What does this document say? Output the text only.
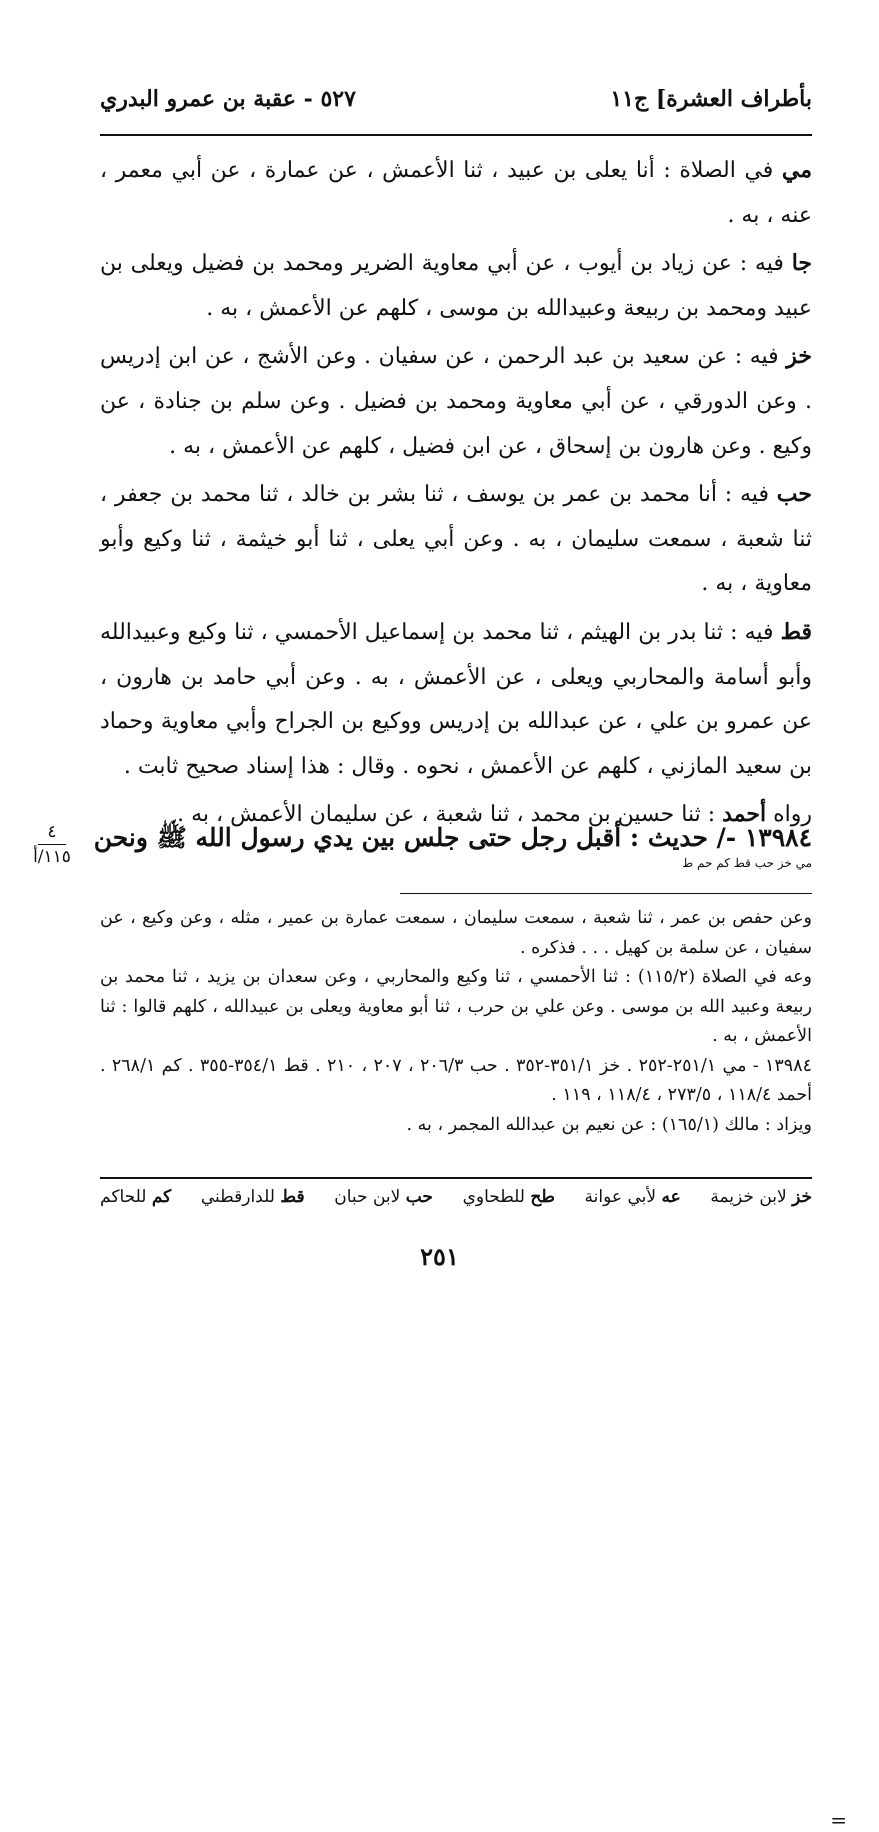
بأطراف العشرة] ج١١
٥٢٧ - عقبة بن عمرو البدري

مي في الصلاة : أنا يعلى بن عبيد ، ثنا الأعمش ، عن عمارة ، عن أبي معمر ، عنه ، به .

جا فيه : عن زياد بن أيوب ، عن أبي معاوية الضرير ومحمد بن فضيل ويعلى بن عبيد ومحمد بن ربيعة وعبيدالله بن موسى ، كلهم عن الأعمش ، به .

خز فيه : عن سعيد بن عبد الرحمن ، عن سفيان . وعن الأشج ، عن ابن إدريس . وعن الدورقي ، عن أبي معاوية ومحمد بن فضيل . وعن سلم بن جنادة ، عن وكيع . وعن هارون بن إسحاق ، عن ابن فضيل ، كلهم عن الأعمش ، به .

حب فيه : أنا محمد بن عمر بن يوسف ، ثنا بشر بن خالد ، ثنا محمد بن جعفر ، ثنا شعبة ، سمعت سليمان ، به . وعن أبي يعلى ، ثنا أبو خيثمة ، ثنا وكيع وأبو معاوية ، به .

قط فيه : ثنا بدر بن الهيثم ، ثنا محمد بن إسماعيل الأحمسي ، ثنا وكيع وعبيدالله وأبو أسامة والمحاربي ويعلى ، عن الأعمش ، به . وعن أبي حامد بن هارون ، عن عمرو بن علي ، عن عبدالله بن إدريس ووكيع بن الجراح وأبي معاوية وحماد بن سعيد المازني ، كلهم عن الأعمش ، نحوه . وقال : هذا إسناد صحيح ثابت .

رواه أحمد : ثنا حسين بن محمد ، ثنا شعبة ، عن سليمان الأعمش ، به .

١٣٩٨٤ -/ حديث : أقبل رجل حتى جلس بين يدي رسول الله ﷺ ونحن
مي خز حب قط كم حم ط
٤
١١٥/أ
=

وعن حفص بن عمر ، ثنا شعبة ، سمعت سليمان ، سمعت عمارة بن عمير ، مثله ، وعن وكيع ، عن سفيان ، عن سلمة بن كهيل . . . فذكره .

وعه في الصلاة (١١٥/٢) : ثنا الأحمسي ، ثنا وكيع والمحاربي ، وعن سعدان بن يزيد ، ثنا محمد بن ربيعة وعبيد الله بن موسى . وعن علي بن حرب ، ثنا أبو معاوية ويعلى بن عبيدالله ، كلهم قالوا : ثنا الأعمش ، به .

١٣٩٨٤ - مي ٢٥١/١-٢٥٢ . خز ٣٥١/١-٣٥٢ . حب ٢٠٦/٣ ، ٢٠٧ ، ٢١٠ . قط ٣٥٤/١-٣٥٥ . كم ٢٦٨/١ . أحمد ١١٨/٤ ، ٢٧٣/٥ ، ١١٨/٤ ، ١١٩ .

ويزاد : مالك (١٦٥/١) : عن نعيم بن عبدالله المجمر ، به .

خز لابن خزيمة
عه لأبي عوانة
طح للطحاوي
حب لابن حبان
قط للدارقطني
كم للحاكم
٢٥١
